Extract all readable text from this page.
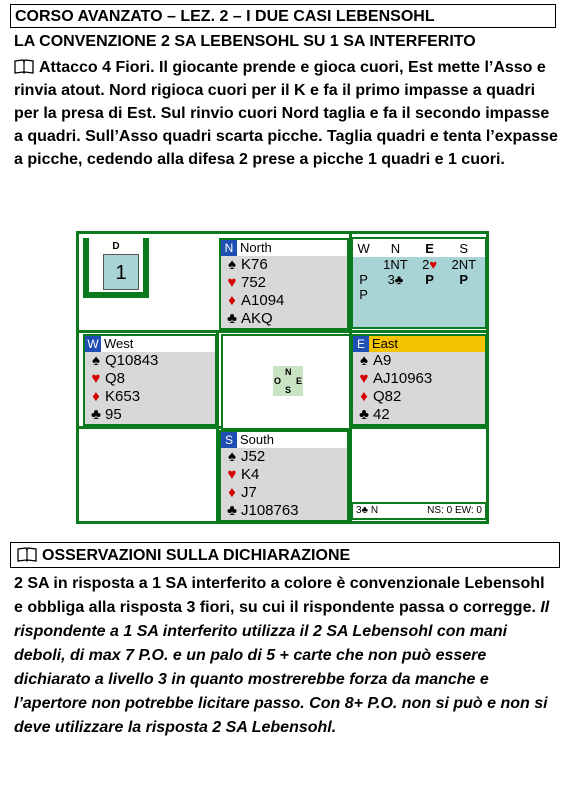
CORSO AVANZATO – LEZ. 2 – I DUE CASI LEBENSOHL
LA CONVENZIONE 2 SA LEBENSOHL SU 1 SA INTERFERITO
Attacco 4 Fiori. Il giocante prende e gioca cuori, Est mette l’Asso e rinvia atout. Nord rigioca cuori per il K e fa il primo impasse a quadri per la presa di Est. Sul rinvio cuori Nord taglia e fa il secondo impasse a quadri. Sull’Asso quadri scarta picche. Taglia quadri e tenta l’expasse a picche, cedendo alla difesa 2 prese a picche 1 quadri e 1 cuori.
D
1
N North
♠ K76
♥ 752
♦ A1094
♣ AKQ
W	N	E	S
	1NT	2♥	2NT
P	3♣	P	P
P			
W West
♠ Q10843
♥ Q8
♦ K653
♣ 95
N
O E
S
E East
♠ A9
♥ AJ10963
♦ Q82
♣ 42
S South
♠ J52
♥ K4
♦ J7
♣ J108763	3♣ N	NS: 0 EW: 0
OSSERVAZIONI SULLA DICHIARAZIONE
2 SA in risposta a 1 SA interferito a colore è convenzionale Lebensohl e obbliga alla risposta 3 fiori, su cui il rispondente passa o corregge. Il rispondente a 1 SA interferito utilizza il 2 SA Lebensohl con mani deboli, di max 7 P.O. e un palo di 5 + carte che non può essere dichiarato a livello 3 in quanto mostrerebbe forza da manche e l’apertore non potrebbe licitare passo. Con 8+ P.O. non si può e non si deve utilizzare la risposta 2 SA Lebensohl.
